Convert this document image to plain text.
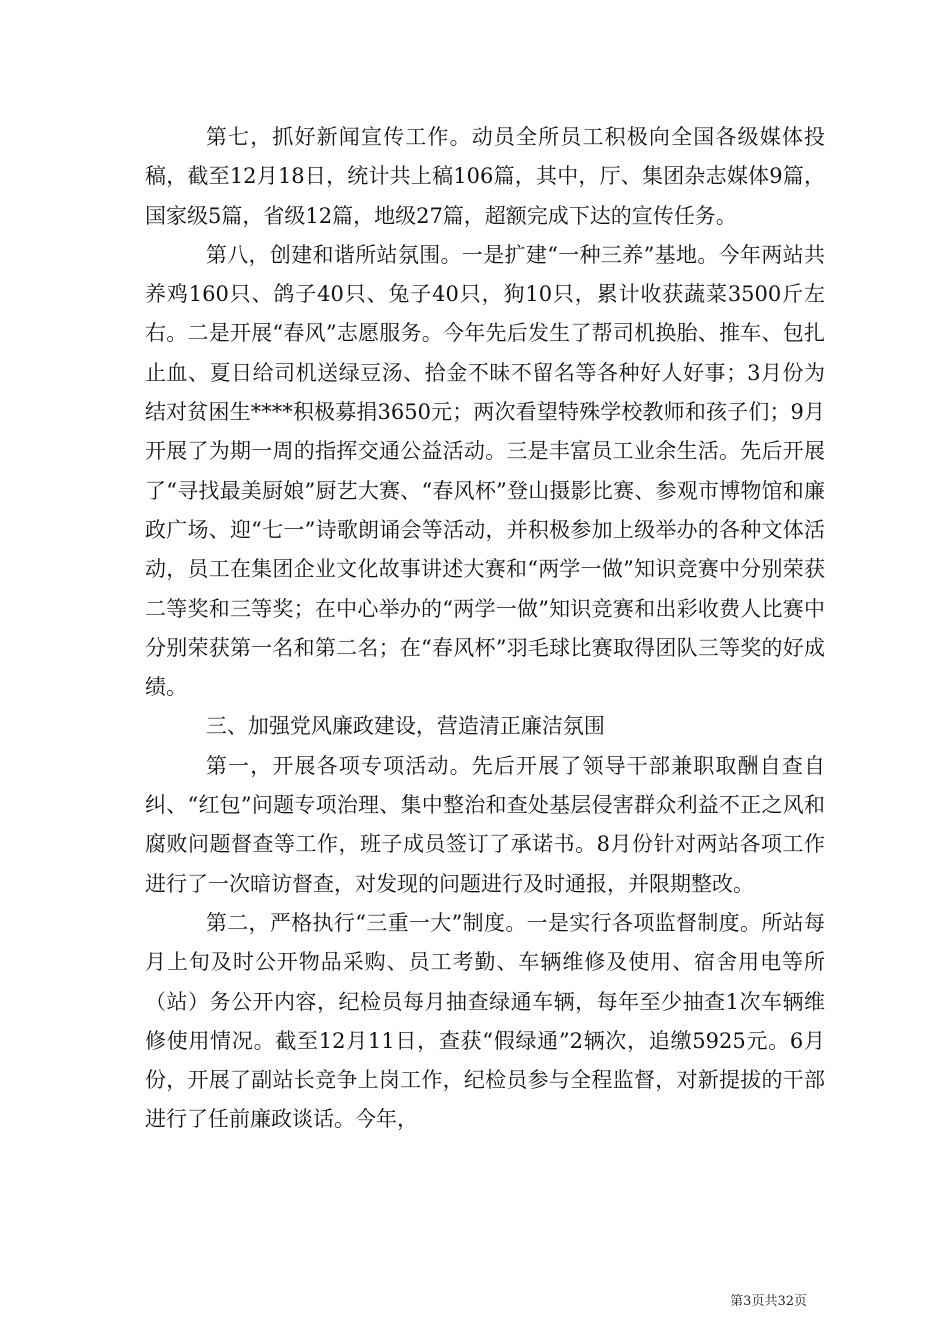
第七，抓好新闻宣传工作。动员全所员工积极向全国各级媒体投稿，截至12月18日，统计共上稿106篇，其中，厅、集团杂志媒体9篇，国家级5篇，省级12篇，地级27篇，超额完成下达的宣传任务。

第八，创建和谐所站氛围。一是扩建“一种三养”基地。今年两站共养鸡160只、鸽子40只、兔子40只，狗10只，累计收获蔬菜3500斤左右。二是开展“春风”志愿服务。今年先后发生了帮司机换胎、推车、包扎止血、夏日给司机送绿豆汤、拾金不昧不留名等各种好人好事；3月份为结对贫困生****积极募捐3650元；两次看望特殊学校教师和孩子们；9月开展了为期一周的指挥交通公益活动。三是丰富员工业余生活。先后开展了“寻找最美厨娘”厨艺大赛、“春风杯”登山摄影比赛、参观市博物馆和廉政广场、迎“七一”诗歌朗诵会等活动，并积极参加上级举办的各种文体活动，员工在集团企业文化故事讲述大赛和“两学一做”知识竞赛中分别荣获二等奖和三等奖；在中心举办的“两学一做”知识竞赛和出彩收费人比赛中分别荣获第一名和第二名；在“春风杯”羽毛球比赛取得团队三等奖的好成绩。

三、加强党风廉政建设，营造清正廉洁氛围

第一，开展各项专项活动。先后开展了领导干部兼职取酬自查自纠、“红包”问题专项治理、集中整治和查处基层侵害群众利益不正之风和腐败问题督查等工作，班子成员签订了承诺书。8月份针对两站各项工作进行了一次暗访督查，对发现的问题进行及时通报，并限期整改。

第二，严格执行“三重一大”制度。一是实行各项监督制度。所站每月上旬及时公开物品采购、员工考勤、车辆维修及使用、宿舍用电等所（站）务公开内容，纪检员每月抽查绿通车辆，每年至少抽查1次车辆维修使用情况。截至12月11日，查获“假绿通”2辆次，追缴5925元。6月份，开展了副站长竞争上岗工作，纪检员参与全程监督，对新提拔的干部进行了任前廉政谈话。今年，

第3页共32页
